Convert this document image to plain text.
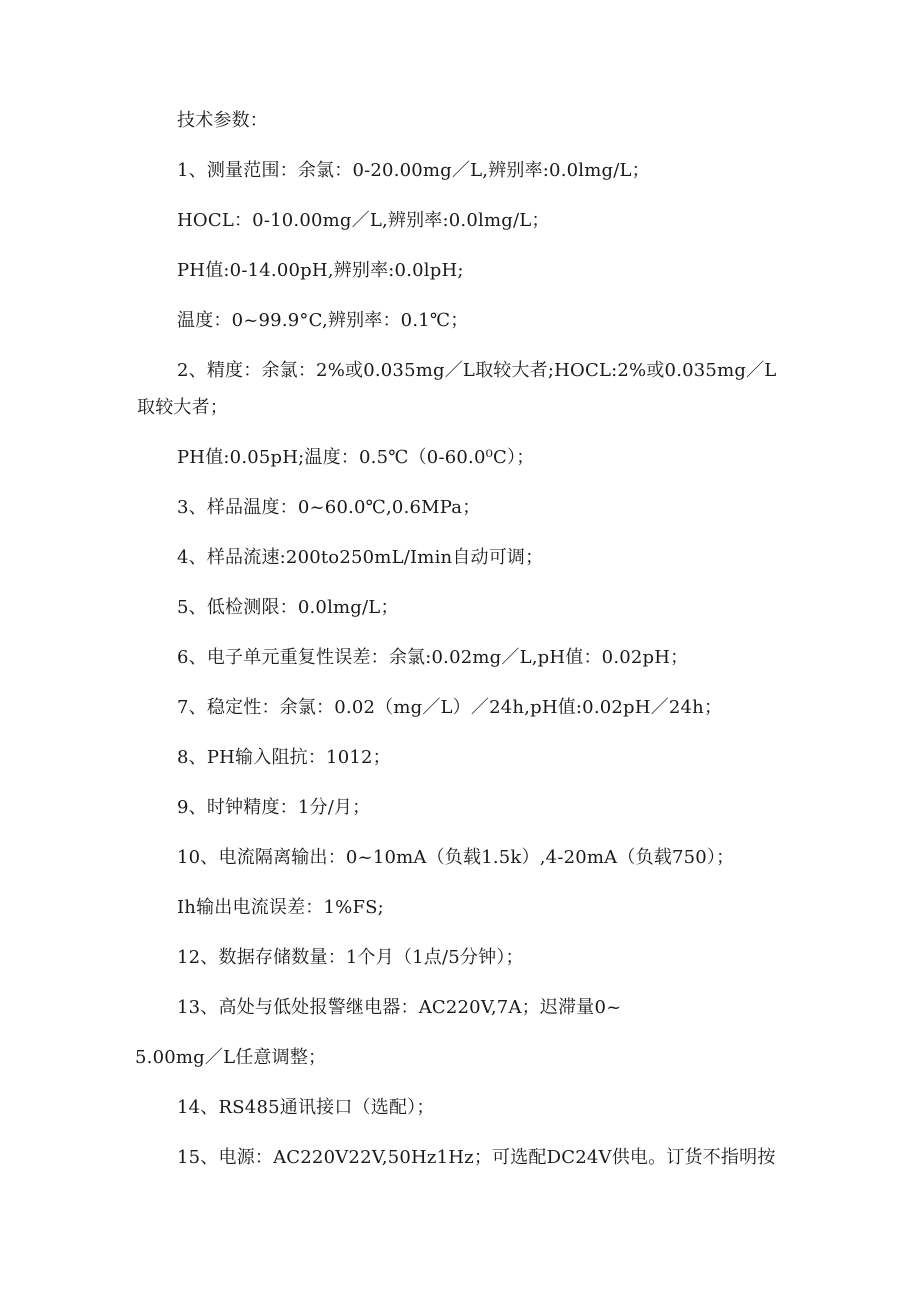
技术参数：
1、测量范围：余氯：0-20.00mg／L,辨别率:0.0lmg/L；
HOCL：0-10.00mg／L,辨别率:0.0lmg/L；
PH值:0-14.00pH,辨别率:0.0lpH;
温度：0~99.9°C,辨别率：0.1℃；
2、精度：余氯：2%或0.035mg／L取较大者;HOCL:2%或0.035mg／L
取较大者；
PH值:0.05pH;温度：0.5℃（0-60.0⁰C）；
3、样品温度：0~60.0℃,0.6MPa；
4、样品流速:200to250mL/Imin自动可调；
5、低检测限：0.0lmg/L；
6、电子单元重复性误差：余氯:0.02mg／L,pH值：0.02pH；
7、稳定性：余氯：0.02（mg／L）／24h,pH值:0.02pH／24h；
8、PH输入阻抗：1012；
9、时钟精度：1分/月；
10、电流隔离输出：0~10mA（负载1.5k）,4-20mA（负载750）；
Ih输出电流误差：1%FS;
12、数据存储数量：1个月（1点/5分钟）；
13、高处与低处报警继电器：AC220V,7A；迟滞量0~
5.00mg／L任意调整；
14、RS485通讯接口（选配）；
15、电源：AC220V22V,50Hz1Hz；可选配DC24V供电。订货不指明按
